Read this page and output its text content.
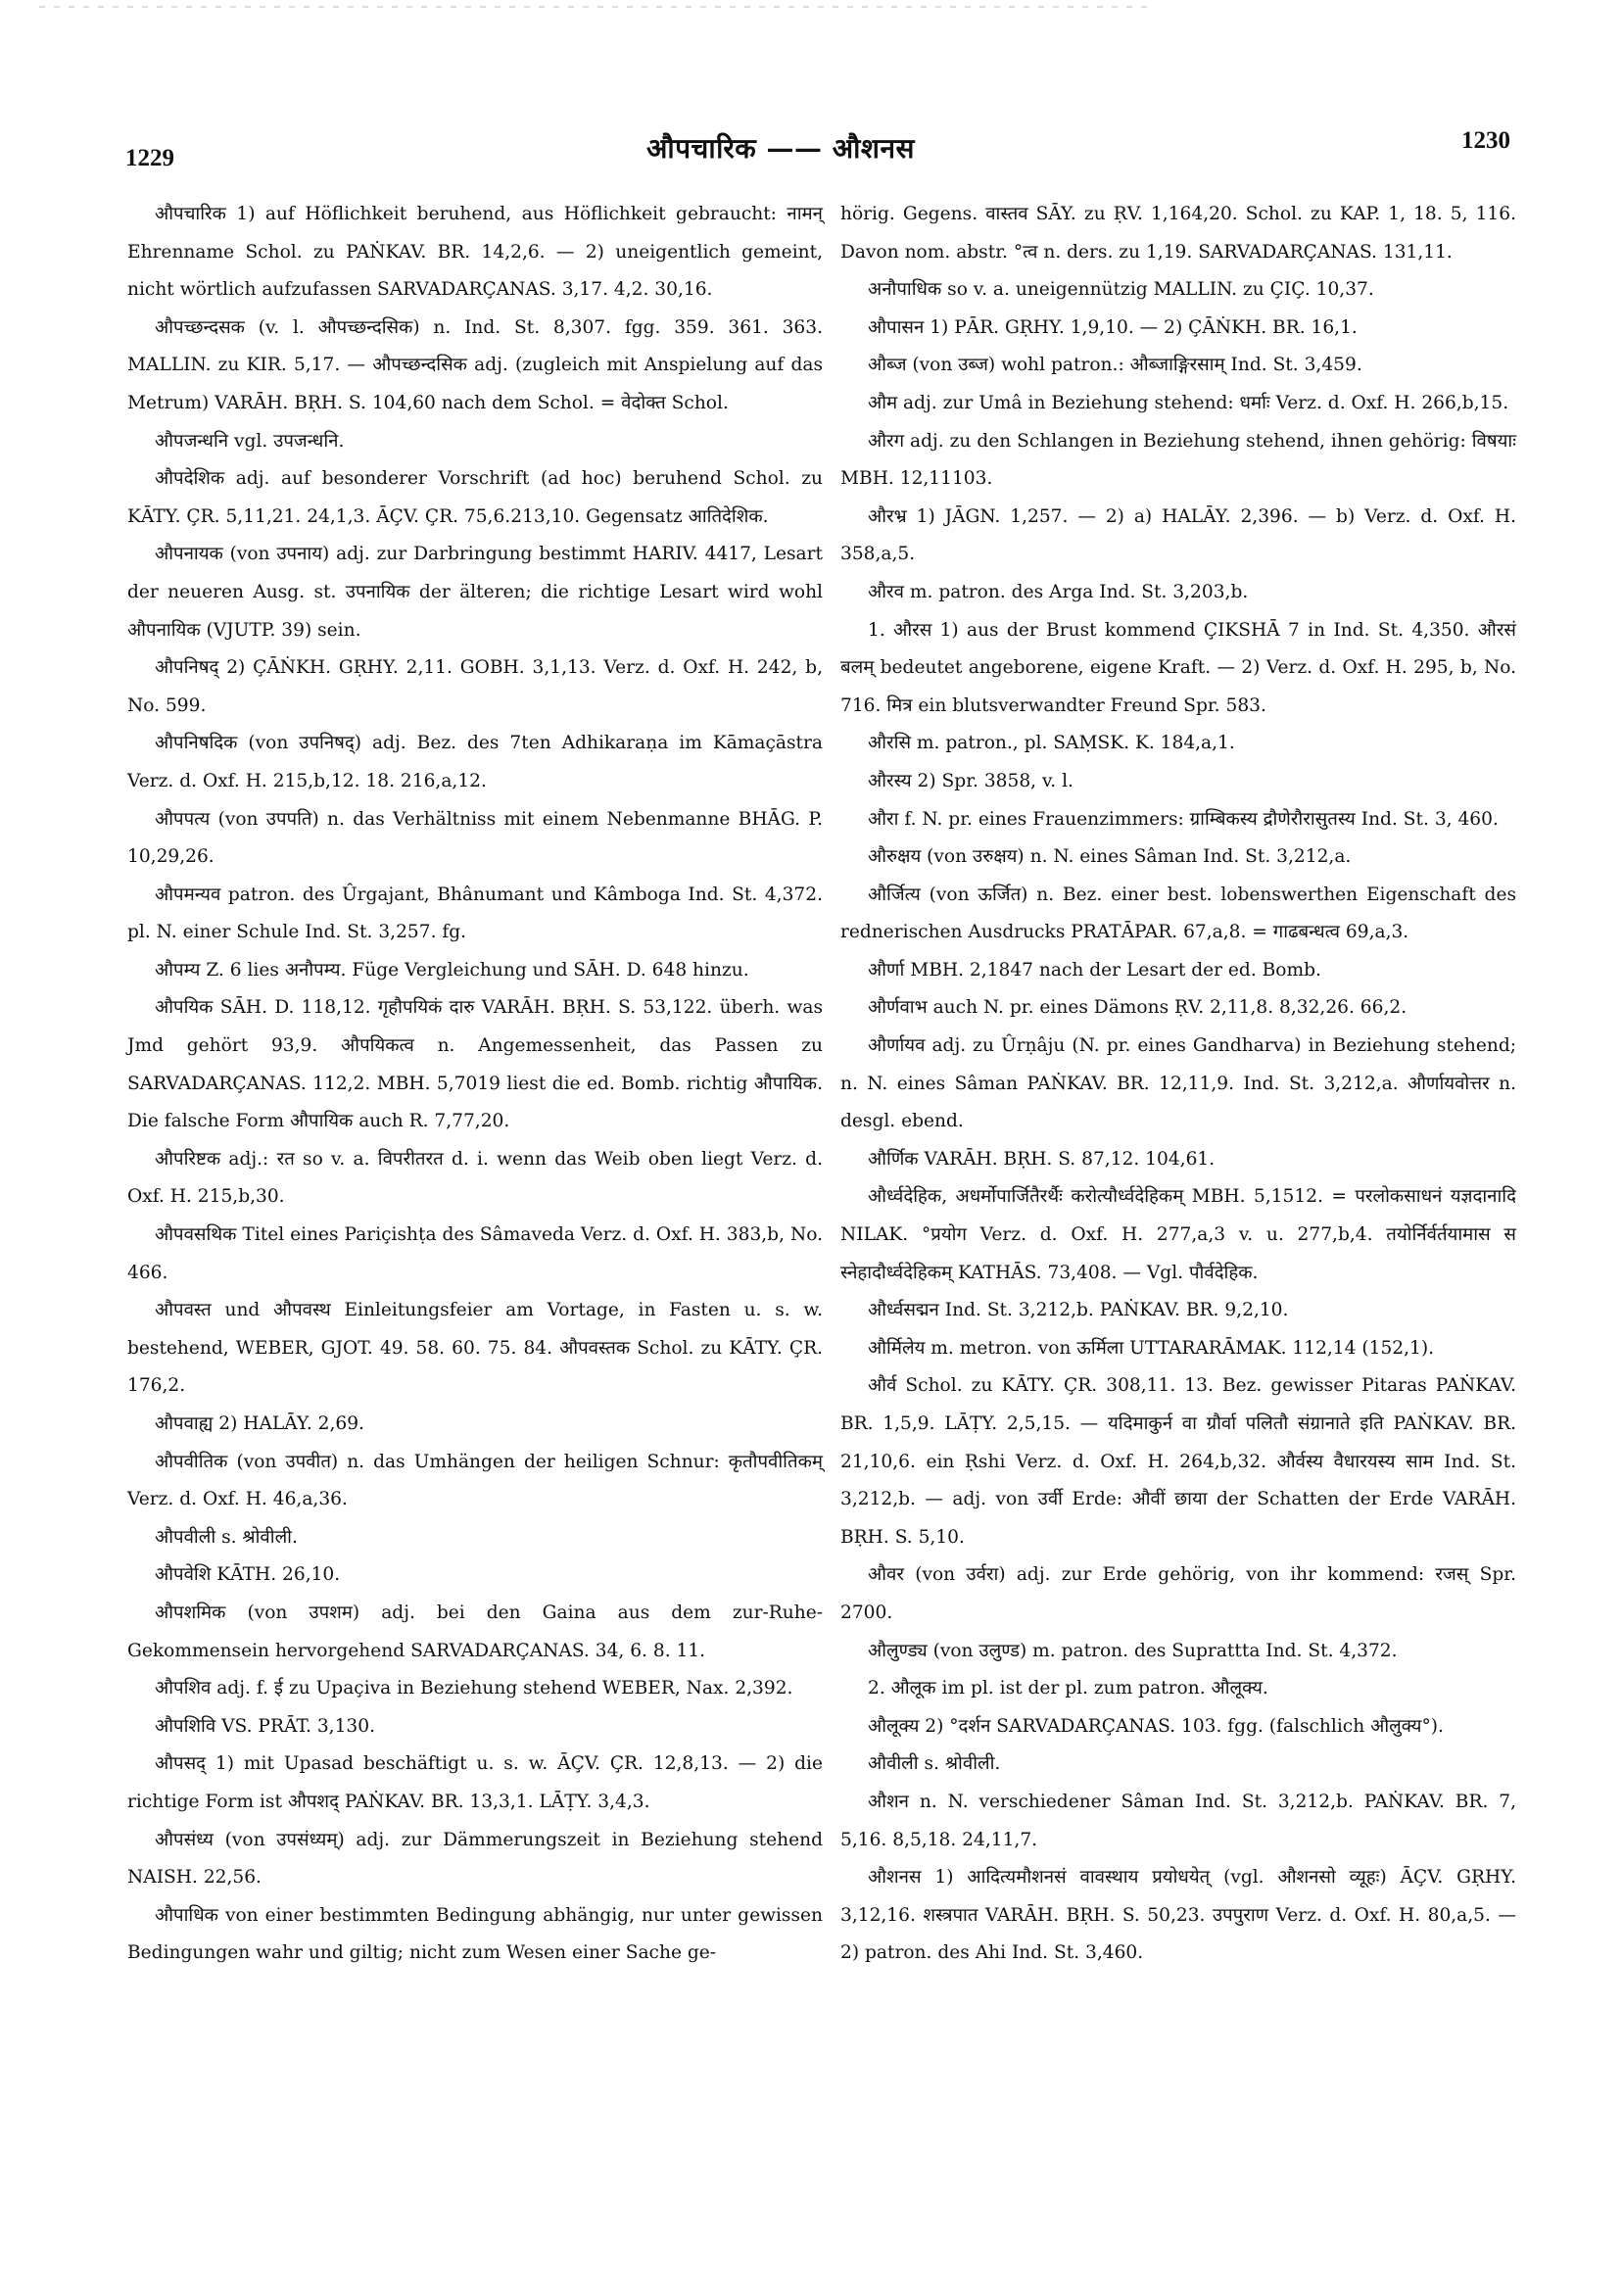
1229	औपचारिक —— औशनस	1230

औपचारिक 1) auf Höflichkeit beruhend, aus Höflichkeit gebraucht: नामन् Ehrenname Schol. zu PAṄKAV. BR. 14,2,6. — 2) uneigentlich gemeint, nicht wörtlich aufzufassen SARVADARÇANAS. 3,17. 4,2. 30,16.

औपच्छन्दसक (v. l. औपच्छन्दसिक) n. Ind. St. 8,307. fgg. 359. 361. 363. MALLIN. zu KIR. 5,17. — औपच्छन्दसिक adj. (zugleich mit Anspielung auf das Metrum) VARĀH. BṚH. S. 104,60 nach dem Schol. = वेदोक्त Schol.

औपजन्धनि vgl. उपजन्धनि.

औपदेशिक adj. auf besonderer Vorschrift (ad hoc) beruhend Schol. zu KĀTY. ÇR. 5,11,21. 24,1,3. ĀÇV. ÇR. 75,6.213,10. Gegensatz आतिदेशिक.

औपनायक (von उपनाय) adj. zur Darbringung bestimmt HARIV. 4417, Lesart der neueren Ausg. st. उपनायिक der älteren; die richtige Lesart wird wohl औपनायिक (VJUTP. 39) sein.

औपनिषद् 2) ÇĀṄKH. GṚHY. 2,11. GOBH. 3,1,13. Verz. d. Oxf. H. 242, b, No. 599.

औपनिषदिक (von उपनिषद्) adj. Bez. des 7ten Adhikaraṇa im Kāmaçāstra Verz. d. Oxf. H. 215,b,12. 18. 216,a,12.

औपपत्य (von उपपति) n. das Verhältniss mit einem Nebenmanne BHĀG. P. 10,29,26.

औपमन्यव patron. des Ûrgajant, Bhânumant und Kâmboga Ind. St. 4,372. pl. N. einer Schule Ind. St. 3,257. fg.

औपम्य Z. 6 lies अनौपम्य. Füge Vergleichung und SĀH. D. 648 hinzu.

औपयिक SĀH. D. 118,12. गृहौपयिकं दारु VARĀH. BṚH. S. 53,122. überh. was Jmd gehört 93,9. औपयिकत्व n. Angemessenheit, das Passen zu SARVADARÇANAS. 112,2. MBH. 5,7019 liest die ed. Bomb. richtig औपायिक. Die falsche Form औपायिक auch R. 7,77,20.

औपरिष्टक adj.: रत so v. a. विपरीतरत d. i. wenn das Weib oben liegt Verz. d. Oxf. H. 215,b,30.

औपवसथिक Titel eines Pariçishṭa des Sâmaveda Verz. d. Oxf. H. 383,b, No. 466.

औपवस्त und औपवस्थ Einleitungsfeier am Vortage, in Fasten u. s. w. bestehend, WEBER, GJOT. 49. 58. 60. 75. 84. औपवस्तक Schol. zu KĀTY. ÇR. 176,2.

औपवाह्य 2) HALĀY. 2,69.

औपवीतिक (von उपवीत) n. das Umhängen der heiligen Schnur: कृतौपवीतिकम् Verz. d. Oxf. H. 46,a,36.

औपवीली s. श्रोवीली.

औपवेशि KĀTH. 26,10.

औपशमिक (von उपशम) adj. bei den Gaina aus dem zur-Ruhe-Gekommensein hervorgehend SARVADARÇANAS. 34, 6. 8. 11.

औपशिव adj. f. ई zu Upaçiva in Beziehung stehend WEBER, Nax. 2,392.

औपशिवि VS. PRĀT. 3,130.

औपसद् 1) mit Upasad beschäftigt u. s. w. ĀÇV. ÇR. 12,8,13. — 2) die richtige Form ist औपशद् PAṄKAV. BR. 13,3,1. LĀṬY. 3,4,3.

औपसंध्य (von उपसंध्यम्) adj. zur Dämmerungszeit in Beziehung stehend NAISH. 22,56.

औपाधिक von einer bestimmten Bedingung abhängig, nur unter gewissen Bedingungen wahr und giltig; nicht zum Wesen einer Sache ge-

hörig. Gegens. वास्तव SĀY. zu ṚV. 1,164,20. Schol. zu KAP. 1, 18. 5, 116. Davon nom. abstr. °त्व n. ders. zu 1,19. SARVADARÇANAS. 131,11.

अनौपाधिक so v. a. uneigennützig MALLIN. zu ÇIÇ. 10,37.

औपासन 1) PĀR. GṚHY. 1,9,10. — 2) ÇĀṄKH. BR. 16,1.

औब्ज (von उब्ज) wohl patron.: औब्जाङ्गिरसाम् Ind. St. 3,459.

औम adj. zur Umâ in Beziehung stehend: धर्माः Verz. d. Oxf. H. 266,b,15.

औरग adj. zu den Schlangen in Beziehung stehend, ihnen gehörig: विषयाः MBH. 12,11103.

औरभ्र 1) JĀGN. 1,257. — 2) a) HALĀY. 2,396. — b) Verz. d. Oxf. H. 358,a,5.

औरव m. patron. des Arga Ind. St. 3,203,b.

1. औरस 1) aus der Brust kommend ÇIKSHĀ 7 in Ind. St. 4,350. औरसं बलम् bedeutet angeborene, eigene Kraft. — 2) Verz. d. Oxf. H. 295, b, No. 716. मित्र ein blutsverwandter Freund Spr. 583.

औरसि m. patron., pl. SAṂSK. K. 184,a,1.

औरस्य 2) Spr. 3858, v. l.

औरा f. N. pr. eines Frauenzimmers: ग्राम्बिकस्य द्रौणेरौरासुतस्य Ind. St. 3, 460.

औरुक्षय (von उरुक्षय) n. N. eines Sâman Ind. St. 3,212,a.

और्जित्य (von ऊर्जित) n. Bez. einer best. lobenswerthen Eigenschaft des rednerischen Ausdrucks PRATĀPAR. 67,a,8. = गाढबन्धत्व 69,a,3.

और्णा MBH. 2,1847 nach der Lesart der ed. Bomb.

और्णवाभ auch N. pr. eines Dämons ṚV. 2,11,8. 8,32,26. 66,2.

और्णायव adj. zu Ûrṇâju (N. pr. eines Gandharva) in Beziehung stehend; n. N. eines Sâman PAṄKAV. BR. 12,11,9. Ind. St. 3,212,a. और्णायवोत्तर n. desgl. ebend.

और्णिक VARĀH. BṚH. S. 87,12. 104,61.

और्ध्वदेहिक, अधर्मोपार्जितैरर्थैः करोत्यौर्ध्वदेहिकम् MBH. 5,1512. = परलोकसाधनं यज्ञदानादि NILAK. °प्रयोग Verz. d. Oxf. H. 277,a,3 v. u. 277,b,4. तयोर्निर्वर्तयामास स स्नेहादौर्ध्वदेहिकम् KATHĀS. 73,408. — Vgl. पौर्वदेहिक.

और्ध्वसद्मन Ind. St. 3,212,b. PAṄKAV. BR. 9,2,10.

और्मिलेय m. metron. von ऊर्मिला UTTARARĀMAK. 112,14 (152,1).

और्व Schol. zu KĀTY. ÇR. 308,11. 13. Bez. gewisser Pitaras PAṄKAV. BR. 1,5,9. LĀṬY. 2,5,15. — यदिमाकुर्न वा ग्रौर्वा पलितौ संग्रानाते इति PAṄKAV. BR. 21,10,6. ein Ṛshi Verz. d. Oxf. H. 264,b,32. और्वस्य वैधारयस्य साम Ind. St. 3,212,b. — adj. von उर्वी Erde: औवीं छाया der Schatten der Erde VARĀH. BṚH. S. 5,10.

औवर (von उर्वरा) adj. zur Erde gehörig, von ihr kommend: रजस् Spr. 2700.

औलुण्ड्य (von उलुण्ड) m. patron. des Suprattta Ind. St. 4,372.

2. औलूक im pl. ist der pl. zum patron. औलूक्य.

औलूक्य 2) °दर्शन SARVADARÇANAS. 103. fgg. (falschlich औलुक्य°).

औवीली s. श्रोवीली.

औशन n. N. verschiedener Sâman Ind. St. 3,212,b. PAṄKAV. BR. 7, 5,16. 8,5,18. 24,11,7.

औशनस 1) आदित्यमौशनसं वावस्थाय प्रयोधयेत् (vgl. औशनसो व्यूहः) ĀÇV. GṚHY. 3,12,16. शस्त्रपात VARĀH. BṚH. S. 50,23. उपपुराण Verz. d. Oxf. H. 80,a,5. — 2) patron. des Ahi Ind. St. 3,460.
